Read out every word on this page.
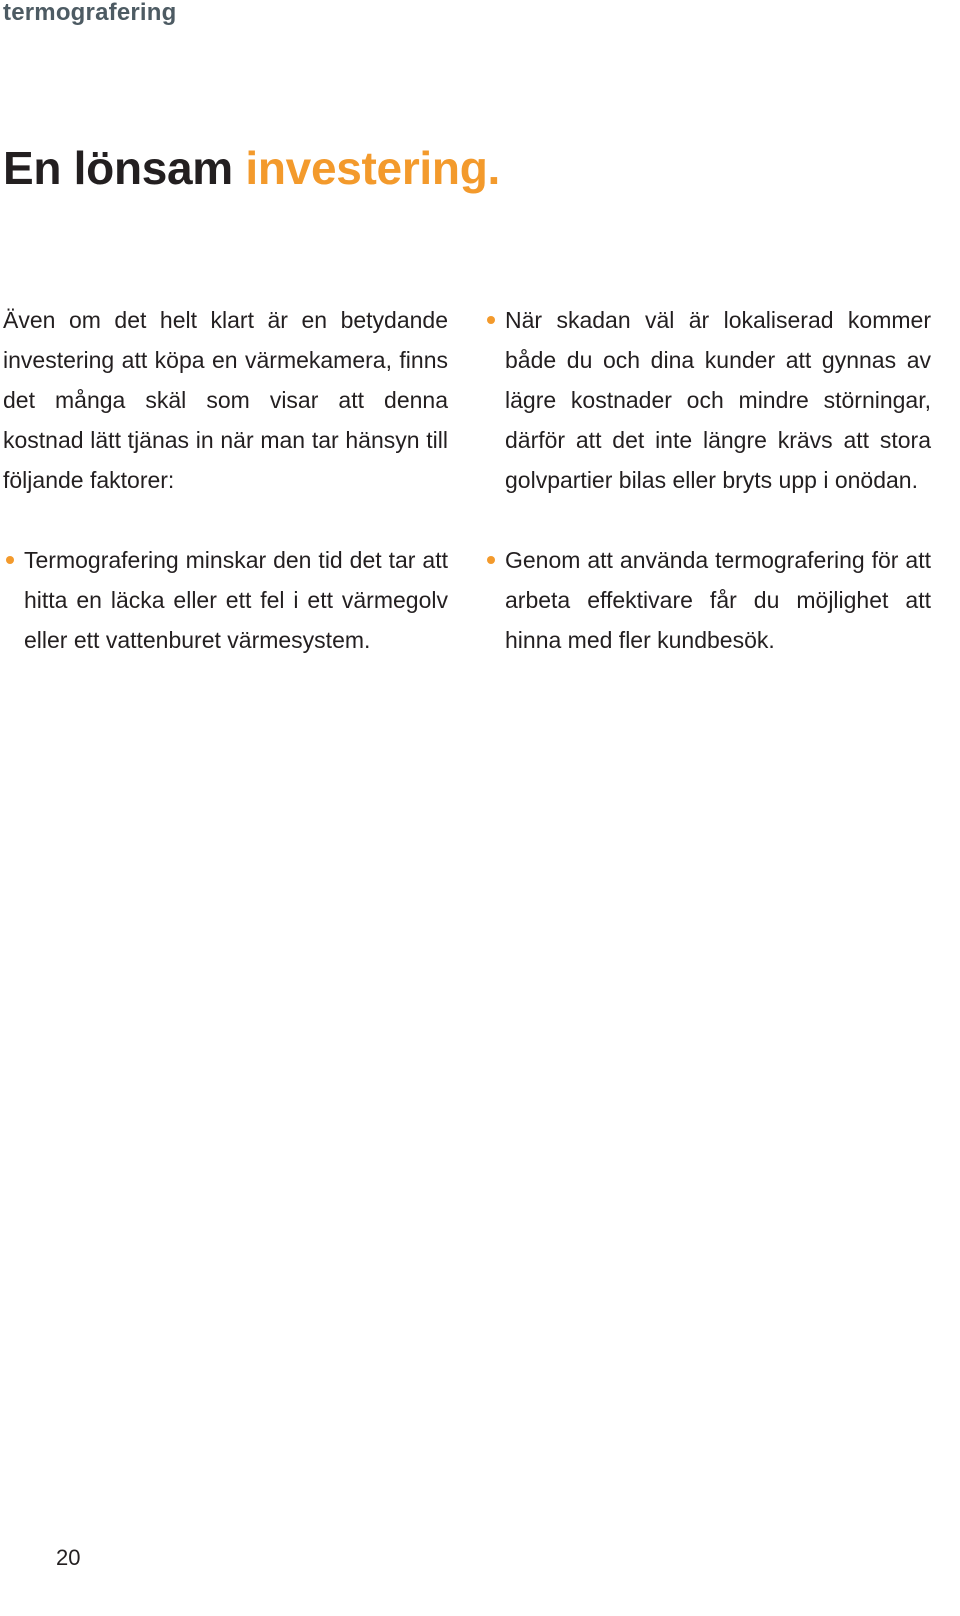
termografering
En lönsam investering.

Även om det helt klart är en betydande investering att köpa en värmekamera, finns det många skäl som visar att denna kostnad lätt tjänas in när man tar hänsyn till följande faktorer:

Termografering minskar den tid det tar att hitta en läcka eller ett fel i ett värmegolv eller ett vattenburet värmesystem.
När skadan väl är lokaliserad kommer både du och dina kunder att gynnas av lägre kostnader och mindre störningar, därför att det inte längre krävs att stora golvpartier bilas eller bryts upp i onödan.
Genom att använda termografering för att arbeta effektivare får du möjlighet att hinna med fler kundbesök.
20
